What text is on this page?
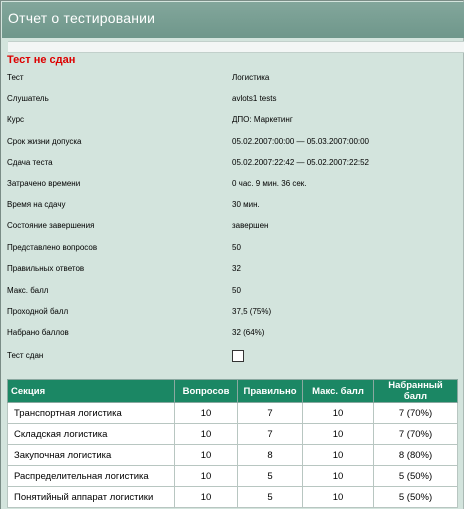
Отчет о тестировании
Тест не сдан
Тест	Логистика
Слушатель	avlots1 tests
Курс	ДПО: Маркетинг
Срок жизни допуска	05.02.2007:00:00 — 05.03.2007:00:00
Сдача теста	05.02.2007:22:42 — 05.02.2007:22:52
Затрачено времени	0 час. 9 мин. 36 сек.
Время на сдачу	30 мин.
Состояние завершения	завершен
Представлено вопросов	50
Правильных ответов	32
Макс. балл	50
Проходной балл	37,5 (75%)
Набрано баллов	32 (64%)
Тест сдан
Секция	Вопросов	Правильно	Макс. балл	Набранный балл
Транспортная логистика	10	7	10	7 (70%)
Складская логистика	10	7	10	7 (70%)
Закупочная логистика	10	8	10	8 (80%)
Распределительная логистика	10	5	10	5 (50%)
Понятийный аппарат логистики	10	5	10	5 (50%)
